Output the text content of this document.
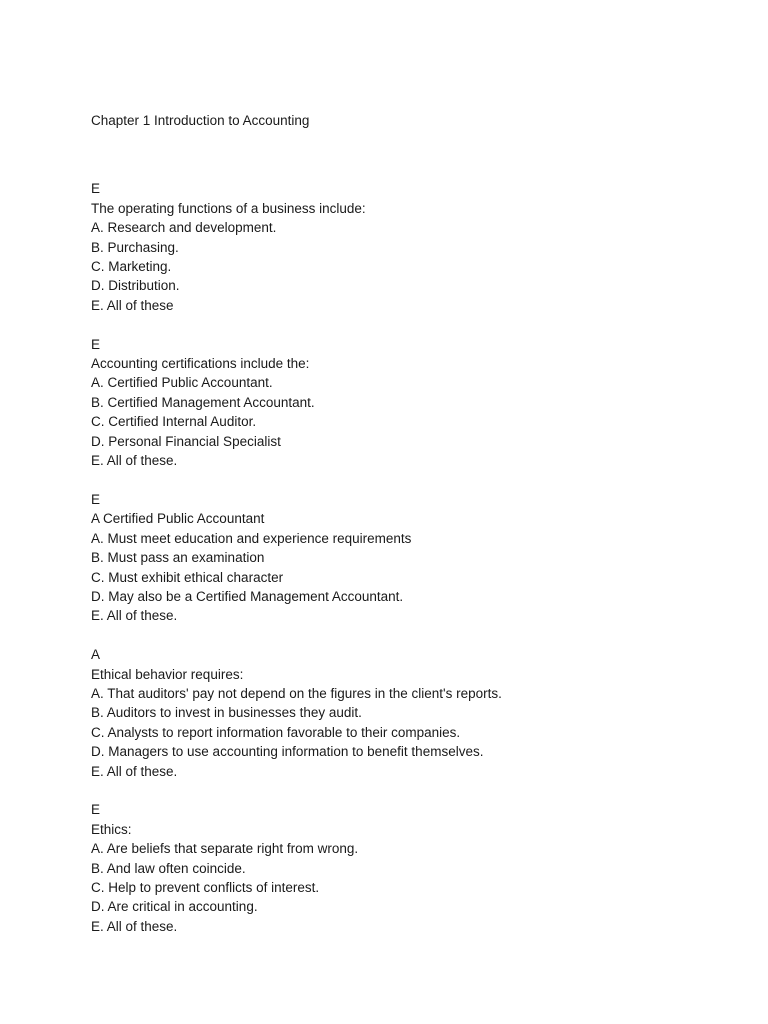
Chapter 1 Introduction to Accounting
E
The operating functions of a business include:
A. Research and development.
B. Purchasing.
C. Marketing.
D. Distribution.
E. All of these
E
Accounting certifications include the:
A. Certified Public Accountant.
B. Certified Management Accountant.
C. Certified Internal Auditor.
D. Personal Financial Specialist
E. All of these.
E
A Certified Public Accountant
A. Must meet education and experience requirements
B. Must pass an examination
C. Must exhibit ethical character
D. May also be a Certified Management Accountant.
E. All of these.
A
Ethical behavior requires:
A. That auditors' pay not depend on the figures in the client's reports.
B. Auditors to invest in businesses they audit.
C. Analysts to report information favorable to their companies.
D. Managers to use accounting information to benefit themselves.
E. All of these.
E
Ethics:
A. Are beliefs that separate right from wrong.
B. And law often coincide.
C. Help to prevent conflicts of interest.
D. Are critical in accounting.
E. All of these.
